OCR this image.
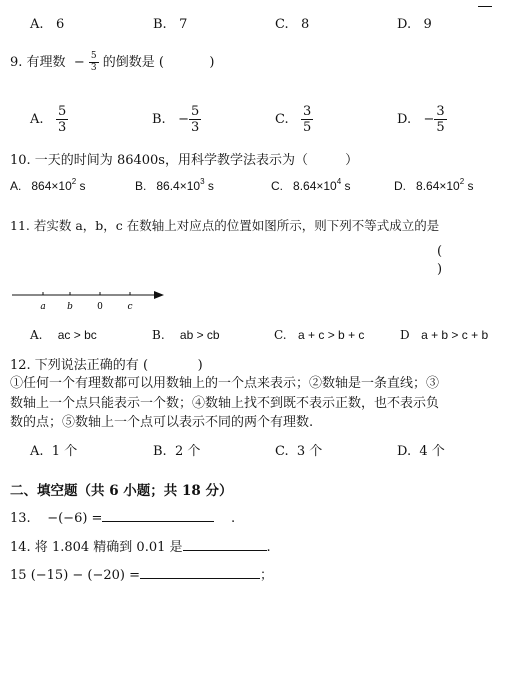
A. 6	B. 7	C. 8	D. 9
9. 有理数 − $\frac{5}{3}$ 的倒数是 (	)
A. $\frac{5}{3}$	B. − $\frac{5}{3}$	C. $\frac{3}{5}$	D. − $\frac{3}{5}$
10. 一天的时间为 86400s，用科学教学法表示为（	）
A. $864\times 10^2$ s	B. $86.4\times 10^3$ s	C. $8.64\times 10^4$ s	D. $8.64\times 10^2$ s
11. 若实数 a，b，c 在数轴上对应点的位置如图所示，则下列不等式成立的是
(
)
a b	0	c
A. ac > bc	B. ab > cb	C. a + c > b + c	D a + b > c + b
12. 下列说法正确的有 (	)
①任何一个有理数都可以用数轴上的一个点来表示；②数轴是一条直线；③
数轴上一个点只能表示一个数；④数轴上找不到既不表示正数，也不表示负
数的点；⑤数轴上一个点可以表示不同的两个有理数.
A. 1 个	B. 2 个	C. 3 个	D. 4 个
二、填空题（共 6 小题；共 18 分）
13. −(−6) =	.
14. 将 1.804 精确到 0.01 是	.
15 (−15) − (−20) =	；
